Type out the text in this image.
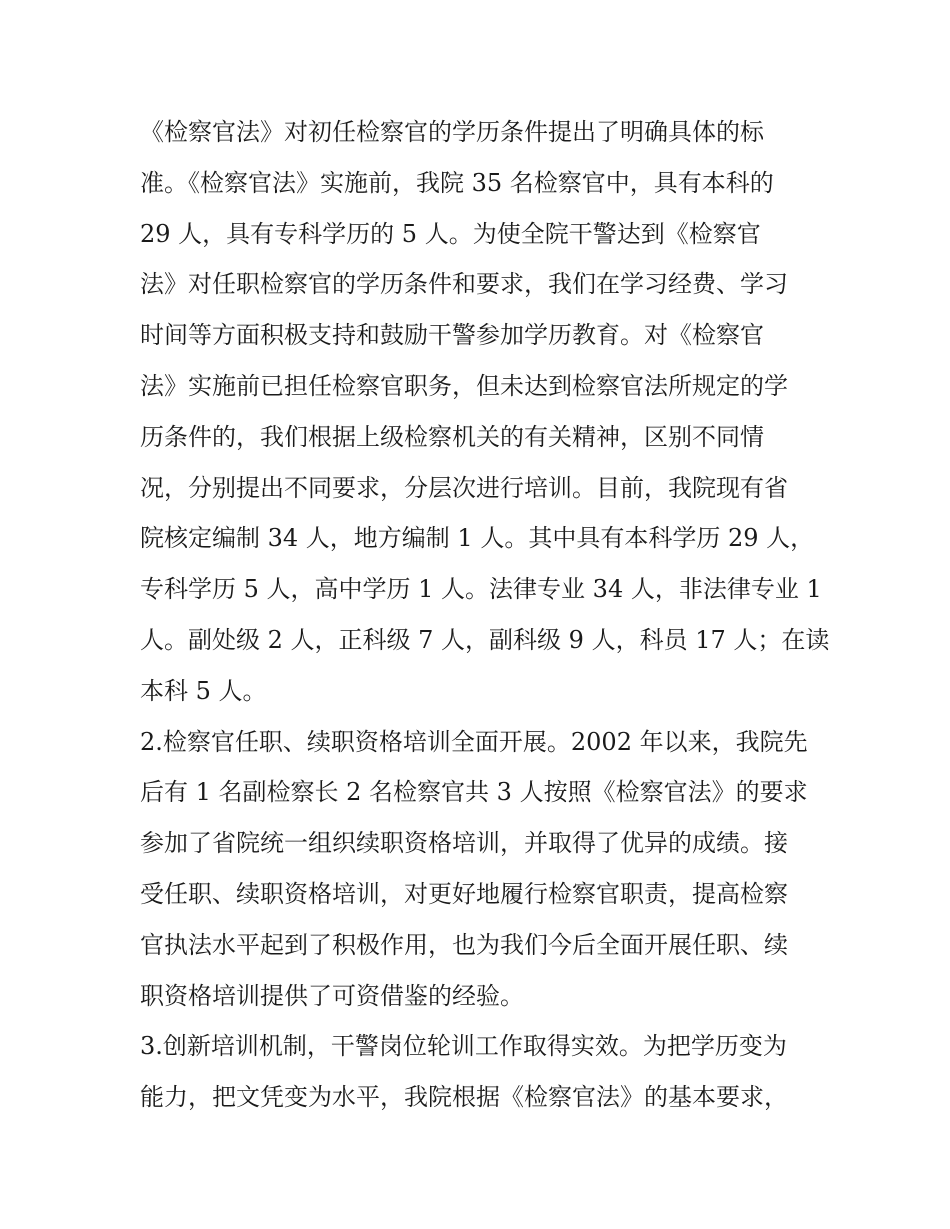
《检察官法》对初任检察官的学历条件提出了明确具体的标
准。《检察官法》实施前，我院 35 名检察官中，具有本科的
29 人，具有专科学历的 5 人。为使全院干警达到《检察官
法》对任职检察官的学历条件和要求，我们在学习经费、学习
时间等方面积极支持和鼓励干警参加学历教育。对《检察官
法》实施前已担任检察官职务，但未达到检察官法所规定的学
历条件的，我们根据上级检察机关的有关精神，区别不同情
况，分别提出不同要求，分层次进行培训。目前，我院现有省
院核定编制 34 人，地方编制 1 人。其中具有本科学历 29 人，
专科学历 5 人，高中学历 1 人。法律专业 34 人，非法律专业 1
人。副处级 2 人，正科级 7 人，副科级 9 人，科员 17 人；在读
本科 5 人。
2.检察官任职、续职资格培训全面开展。2002 年以来，我院先
后有 1 名副检察长 2 名检察官共 3 人按照《检察官法》的要求
参加了省院统一组织续职资格培训，并取得了优异的成绩。接
受任职、续职资格培训，对更好地履行检察官职责，提高检察
官执法水平起到了积极作用，也为我们今后全面开展任职、续
职资格培训提供了可资借鉴的经验。
3.创新培训机制，干警岗位轮训工作取得实效。为把学历变为
能力，把文凭变为水平，我院根据《检察官法》的基本要求，
